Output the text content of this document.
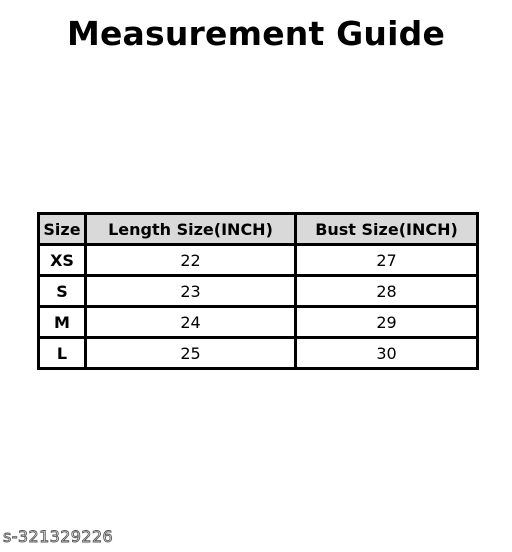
Measurement Guide
Size	Length Size(INCH)	Bust Size(INCH)
XS	22	27
S	23	28
M	24	29
L	25	30
s-321329226
